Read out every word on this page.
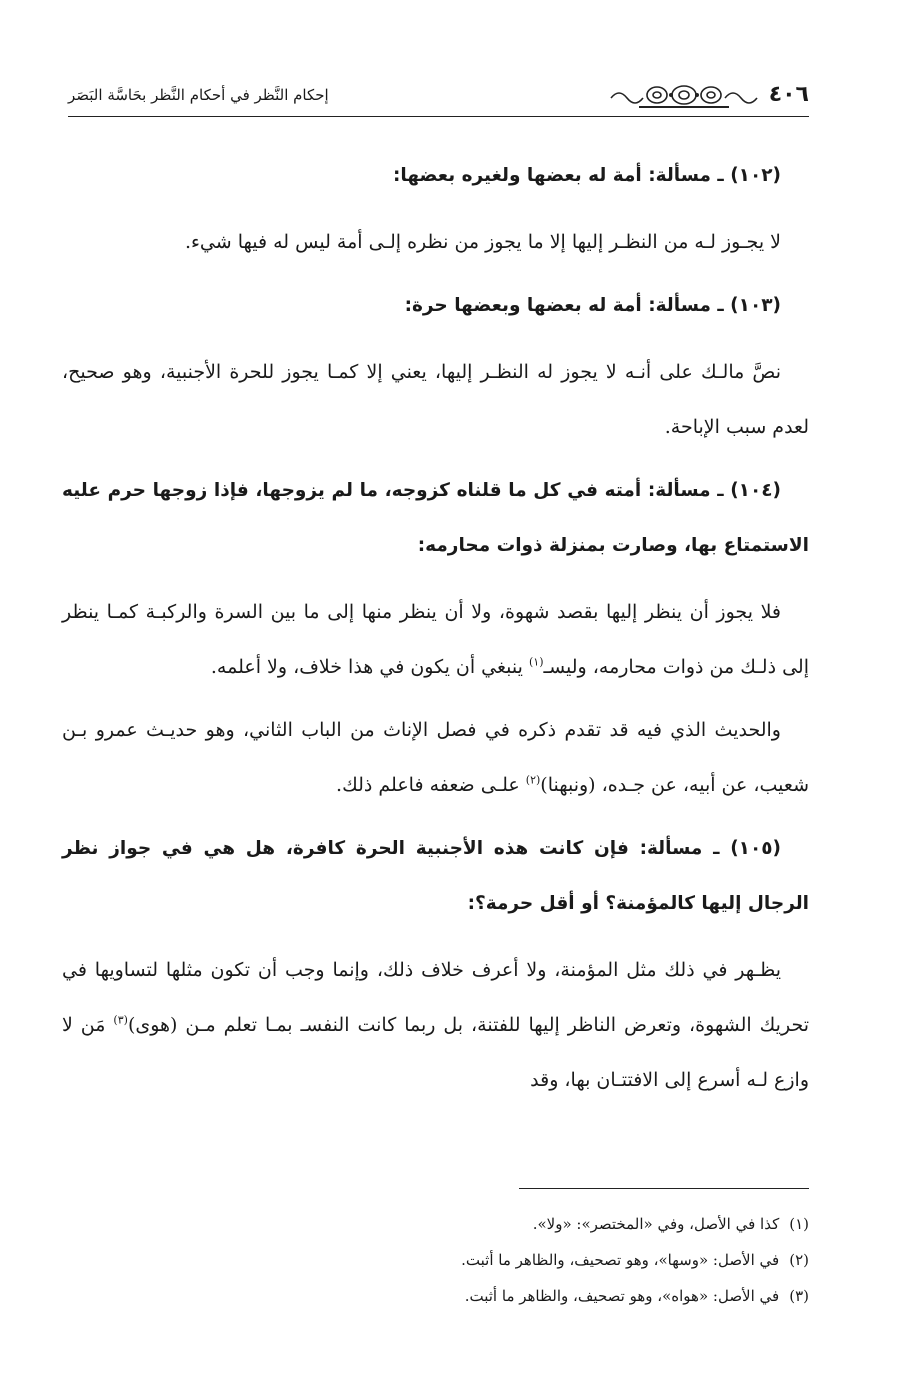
٤٠٦
إحكام النَّظر في أحكام النَّظر بحَاسَّة البَصَر

(١٠٢) ـ مسألة: أمة له بعضها ولغيره بعضها:

لا يجـوز لـه من النظـر إليها إلا ما يجوز من نظره إلـى أمة ليس له فيها شيء.

(١٠٣) ـ مسألة: أمة له بعضها وبعضها حرة:

نصَّ مالـك على أنـه لا يجوز له النظـر إليها، يعني إلا كمـا يجوز للحرة الأجنبية، وهو صحيح، لعدم سبب الإباحة.

(١٠٤) ـ مسألة: أمته في كل ما قلناه كزوجه، ما لم يزوجها، فإذا زوجها حرم عليه الاستمتاع بها، وصارت بمنزلة ذوات محارمه:

فلا يجوز أن ينظر إليها بقصد شهوة، ولا أن ينظر منها إلى ما بين السرة والركبـة كمـا ينظر إلى ذلـك من ذوات محارمه، وليسـ$^{(١)}$ ينبغي أن يكون في هذا خلاف، ولا أعلمه.

والحديث الذي فيه قد تقدم ذكره في فصل الإناث من الباب الثاني، وهو حديـث عمرو بـن شعيب، عن أبيه، عن جـده، (ونبهنا)$^{(٢)}$ علـى ضعفه فاعلم ذلك.

(١٠٥) ـ مسألة: فإن كانت هذه الأجنبية الحرة كافرة، هل هي في جواز نظر الرجال إليها كالمؤمنة؟ أو أقل حرمة؟:

يظـهر في ذلك مثل المؤمنة، ولا أعرف خلاف ذلك، وإنما وجب أن تكون مثلها لتساويها في تحريك الشهوة، وتعرض الناظر إليها للفتنة، بل ربما كانت النفسـ بمـا تعلم مـن (هوى)$^{(٣)}$ مَن لا وازع لـه أسرع إلى الافتتـان بها، وقد

(١)كذا في الأصل، وفي «المختصر»: «ولا».
(٢)في الأصل: «وسها»، وهو تصحيف، والظاهر ما أثبت.
(٣)في الأصل: «هواه»، وهو تصحيف، والظاهر ما أثبت.
